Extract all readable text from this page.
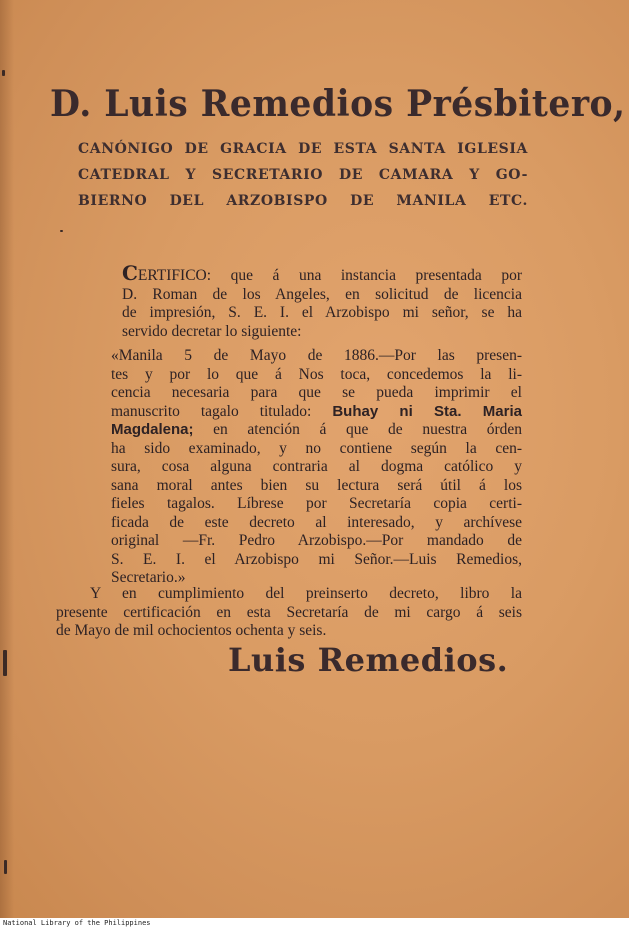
D. Luis Remedios Présbitero,
CANÓNIGO DE GRACIA DE ESTA SANTA IGLESIA
CATEDRAL Y SECRETARIO DE CAMARA Y GO-
BIERNO DEL ARZOBISPO DE MANILA ETC.
CERTIFICO: que á una instancia presentada por
D. Roman de los Angeles, en solicitud de licencia
de impresión, S. E. I. el Arzobispo mi señor, se ha
servido decretar lo siguiente:
«Manila 5 de Mayo de 1886.—Por las presen-
tes y por lo que á Nos toca, concedemos la li-
cencia necesaria para que se pueda imprimir el
manuscrito tagalo titulado: Buhay ni Sta. Maria
Magdalena; en atención á que de nuestra órden
ha sido examinado, y no contiene según la cen-
sura, cosa alguna contraria al dogma católico y
sana moral antes bien su lectura será útil á los
fieles tagalos. Líbrese por Secretaría copia certi-
ficada de este decreto al interesado, y archívese
original —Fr. Pedro Arzobispo.—Por mandado de
S. E. I. el Arzobispo mi Señor.—Luis Remedios,
Secretario.»
Y en cumplimiento del preinserto decreto, libro la
presente certificación en esta Secretaría de mi cargo á seis
de Mayo de mil ochocientos ochenta y seis.
Luis Remedios.
National Library of the Philippines
